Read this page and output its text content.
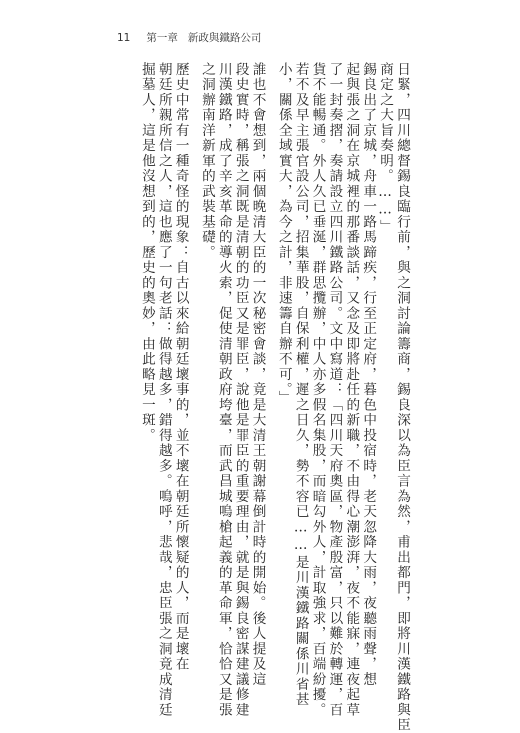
11 第一章 新政與鐵路公司
日緊，四川總督錫良臨行前，與之洞討論籌商，錫良深以為臣言為然，甫出都門，即將川漢鐵路與臣
商定之大旨奏明。……」
錫良出了京城，舟車一路馬蹄疾，行至正定府，暮色中投宿時，老天忽降大雨，夜聽雨聲，想
起與張之洞在京城裡的那番談話，又念及即將赴任的新職，不由得心潮澎湃，夜不能寐，連夜起草
了一封奏摺，奏請設立四川鐵路公司。文中寫道：「四川天府奧區，物產殷富，只以難於轉運，百
貨不能暢通。外人久已垂涎，群思攬辦，中人亦多假名集股，而暗勾外人，計取強求，百端紛擾。
若不及早主張官設公司，招集華股，自保利權，遲之日久，勢不容已……是川漢鐵路關係川省甚
小，關係全域實大，為今之計，非速籌自辦不可。」
誰也不會想到，兩個晚清大臣的一次秘密會談，竟是大清王朝謝幕倒計時的開始。後人提及這
段史實時，稱張之洞既是清朝的功臣又是罪臣，說他是罪臣的重要理由，就是與錫良密謀建議修建
川漢鐵路，成了辛亥革命的導火索，促使清朝政府垮臺，而武昌城嗚槍起義的革命軍，恰恰又是張
之洞辦南洋新軍的武裝基礎。
歷史中常有一種奇怪的現象：自古以來給朝廷壞事的，並不壞在朝廷所懷疑的人，而是壞在
朝廷所親所信之人，這也應了一句老話：做得越多，錯得越多。嗚呼，悲哉，忠臣張之洞竟成清廷
掘墓人，這是他沒想到的，歷史的奧妙，由此略見一斑。
